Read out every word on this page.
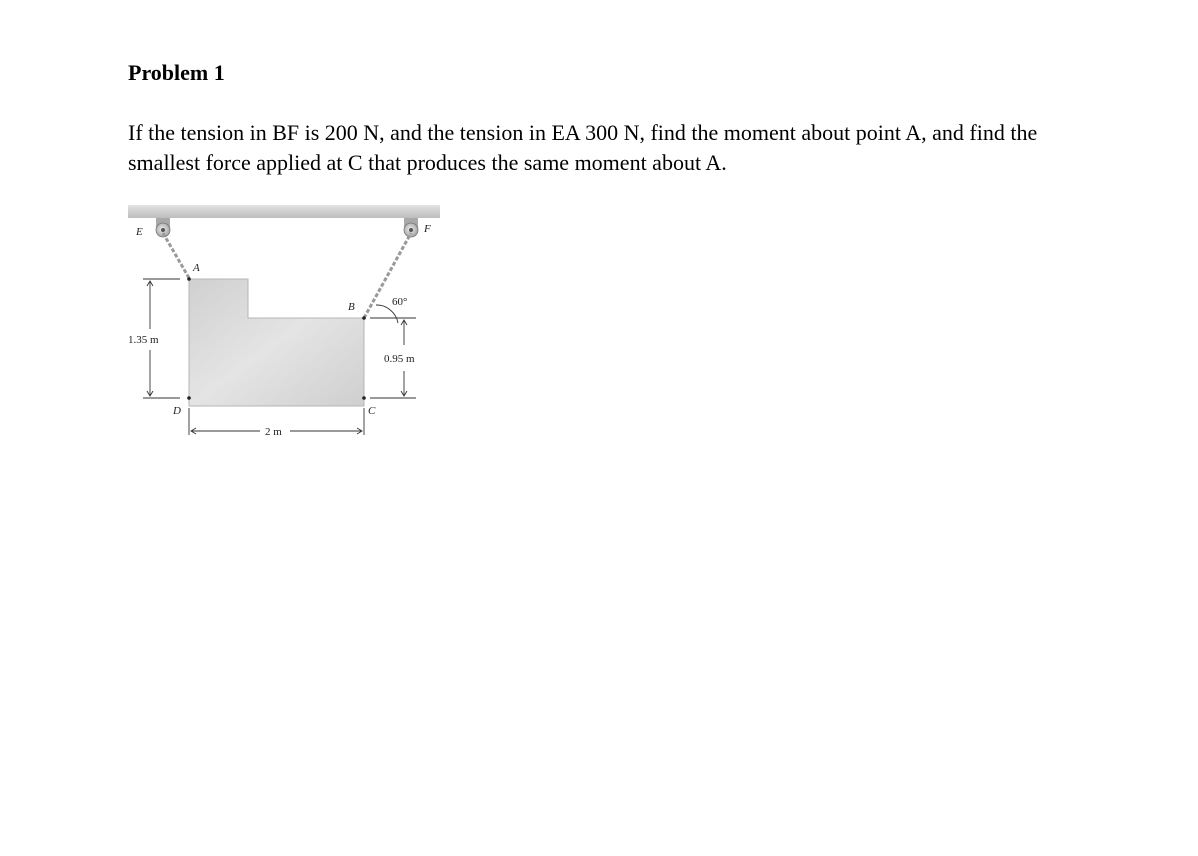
Problem 1

If the tension in BF is 200 N, and the tension in EA 300 N, find the moment about point A, and find the smallest force applied at C that produces the same moment about A.

E	F
A
B
C
D
60°
1.35 m
0.95 m
2 m
